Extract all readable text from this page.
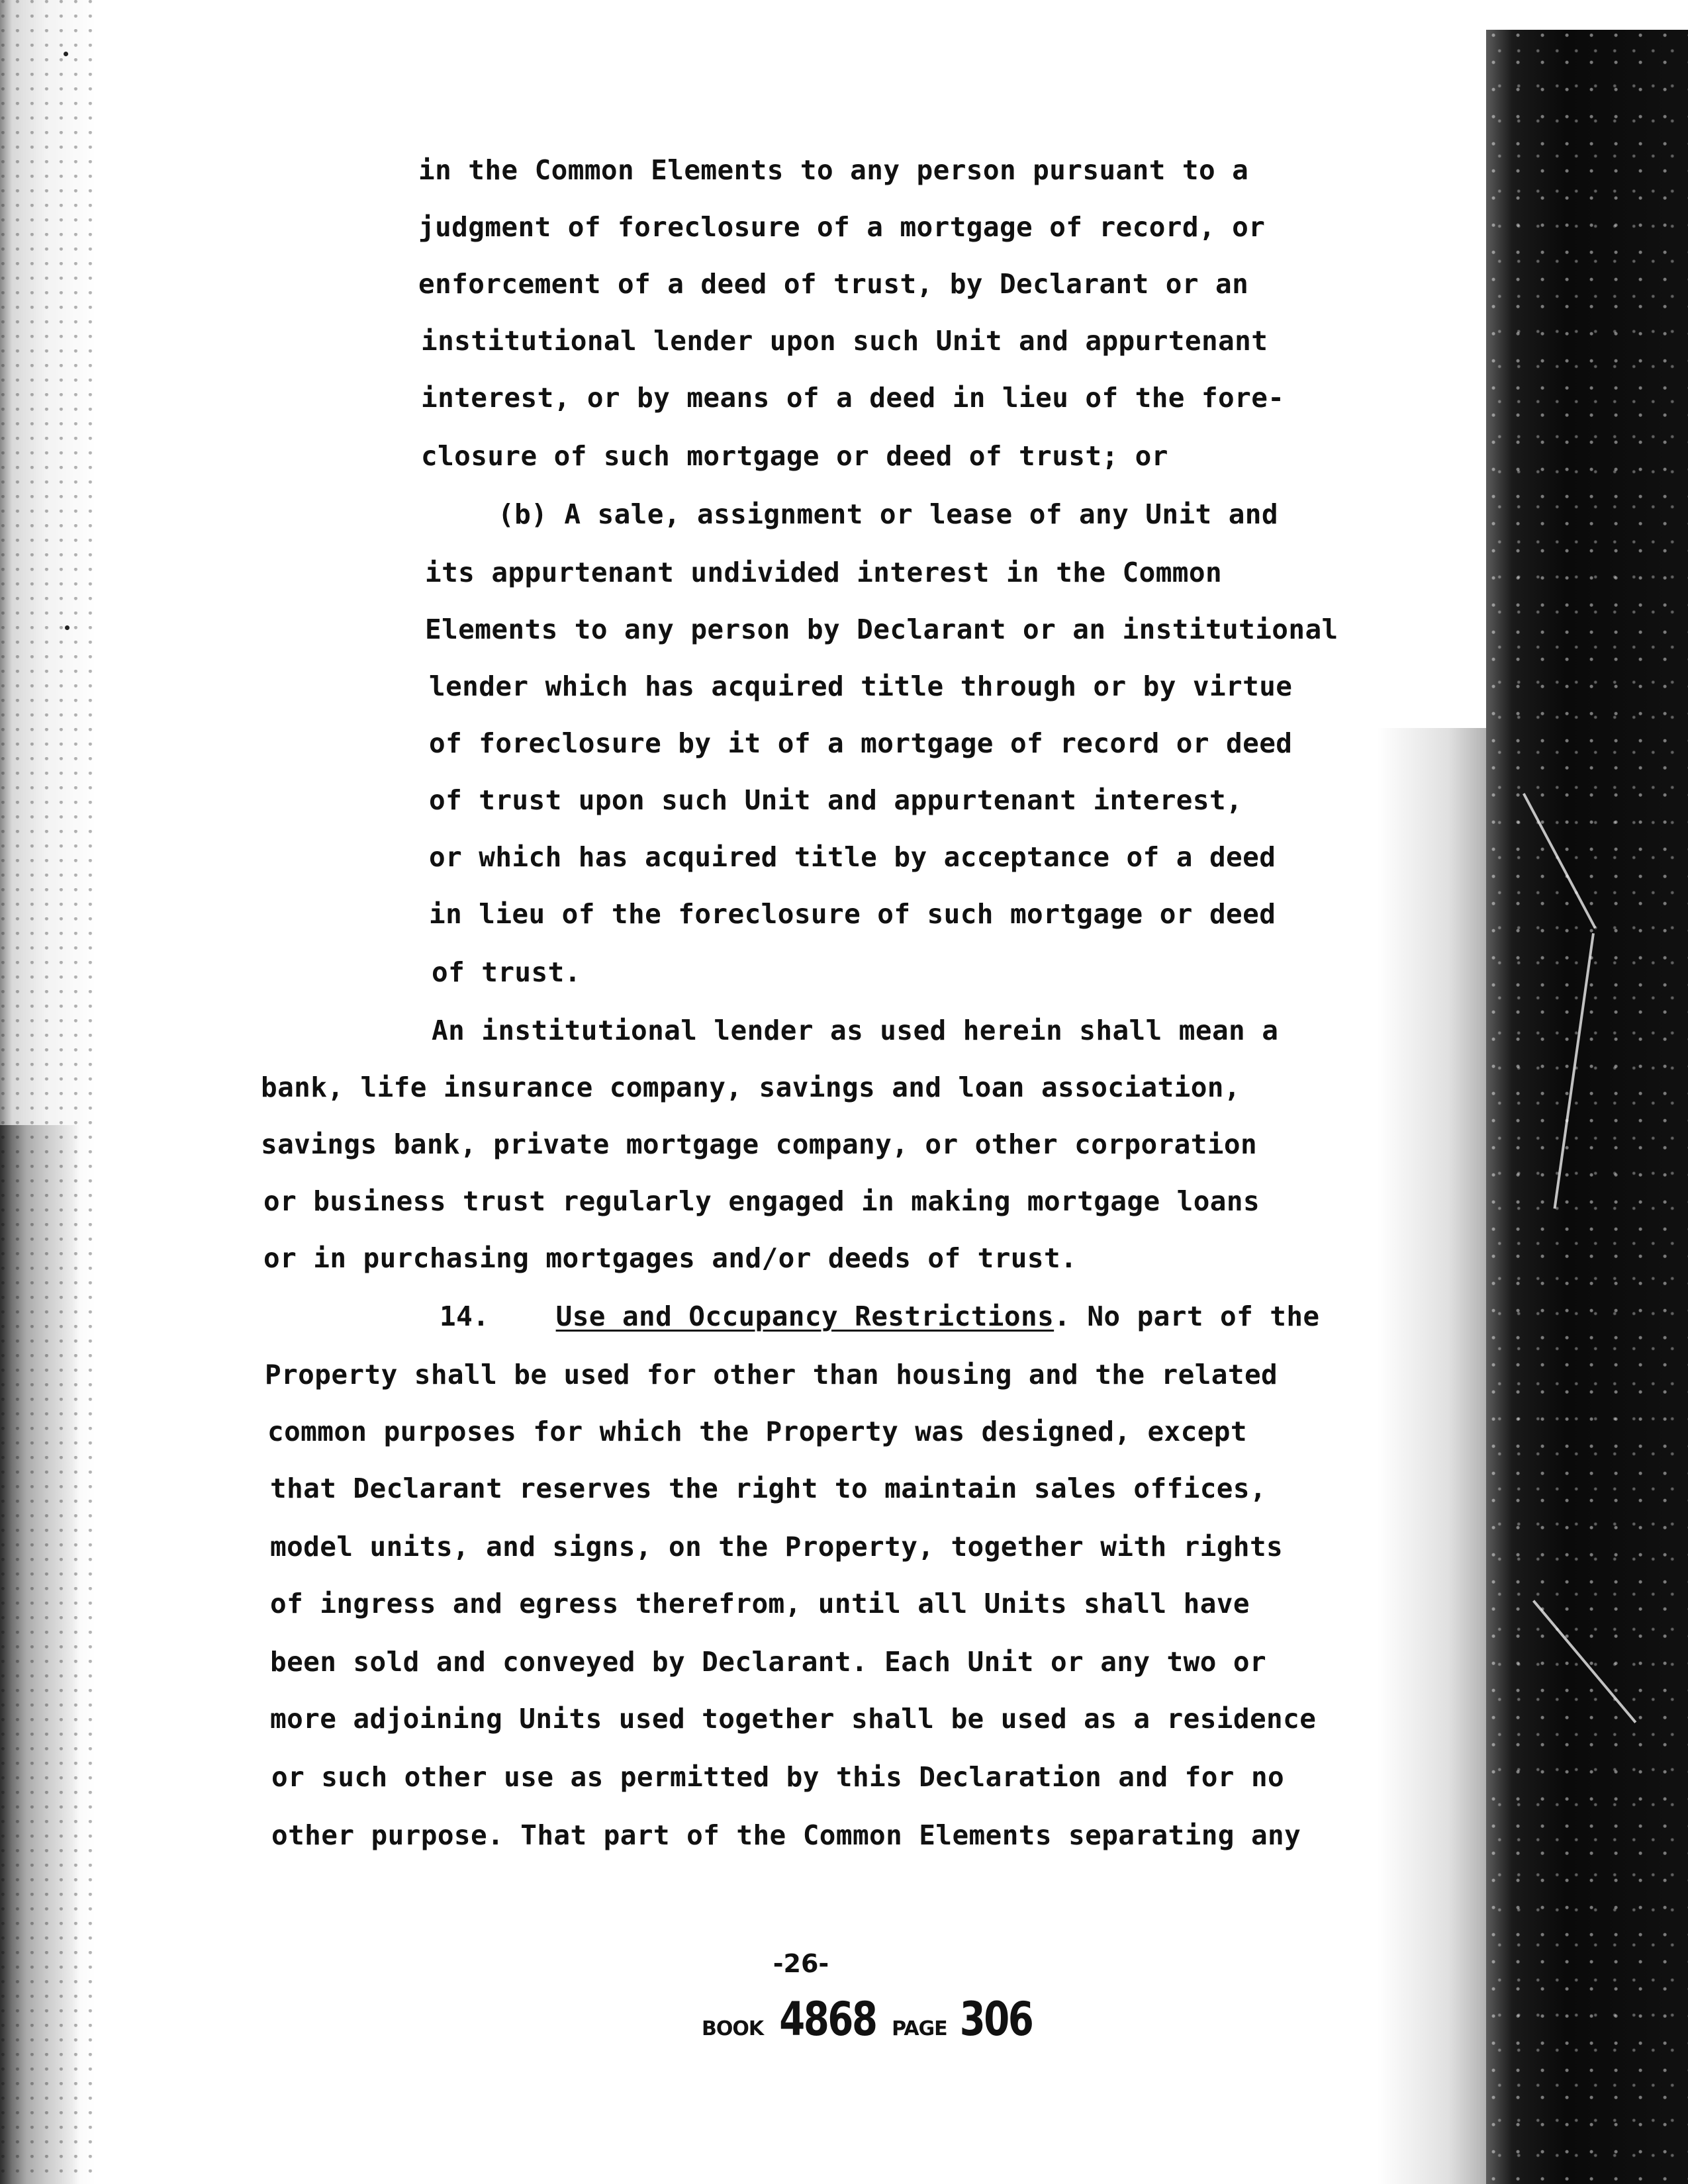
in the Common Elements to any person pursuant to a
judgment of foreclosure of a mortgage of record, or
enforcement of a deed of trust, by Declarant or an
institutional lender upon such Unit and appurtenant
interest, or by means of a deed in lieu of the fore-
closure of such mortgage or deed of trust; or
(b) A sale, assignment or lease of any Unit and
its appurtenant undivided interest in the Common
Elements to any person by Declarant or an institutional
lender which has acquired title through or by virtue
of foreclosure by it of a mortgage of record or deed
of trust upon such Unit and appurtenant interest,
or which has acquired title by acceptance of a deed
in lieu of the foreclosure of such mortgage or deed
of trust.
An institutional lender as used herein shall mean a
bank, life insurance company, savings and loan association,
savings bank, private mortgage company, or other corporation
or business trust regularly engaged in making mortgage loans
or in purchasing mortgages and/or deeds of trust.
14. Use and Occupancy Restrictions. No part of the
Property shall be used for other than housing and the related
common purposes for which the Property was designed, except
that Declarant reserves the right to maintain sales offices,
model units, and signs, on the Property, together with rights
of ingress and egress therefrom, until all Units shall have
been sold and conveyed by Declarant. Each Unit or any two or
more adjoining Units used together shall be used as a residence
or such other use as permitted by this Declaration and for no
other purpose. That part of the Common Elements separating any
-26-
BOOK 4868 PAGE 306
